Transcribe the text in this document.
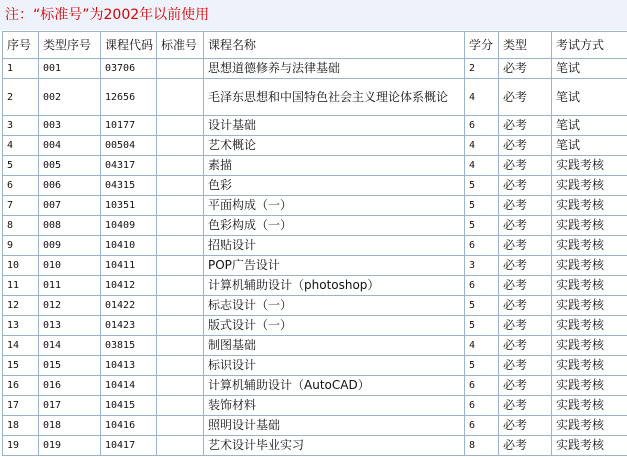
注：“标准号”为2002年以前使用
序号	类型序号	课程代码	标准号	课程名称	学分	类型	考试方式
1	001	03706		思想道德修养与法律基础	2	必考	笔试
2	002	12656		毛泽东思想和中国特色社会主义理论体系概论	4	必考	笔试
3	003	10177		设计基础	6	必考	笔试
4	004	00504		艺术概论	4	必考	笔试
5	005	04317		素描	4	必考	实践考核
6	006	04315		色彩	5	必考	实践考核
7	007	10351		平面构成（一）	5	必考	实践考核
8	008	10409		色彩构成（一）	5	必考	实践考核
9	009	10410		招贴设计	6	必考	实践考核
10	010	10411		POP广告设计	3	必考	实践考核
11	011	10412		计算机辅助设计（photoshop）	6	必考	实践考核
12	012	01422		标志设计（一）	5	必考	实践考核
13	013	01423		版式设计（一）	5	必考	实践考核
14	014	03815		制图基础	4	必考	实践考核
15	015	10413		标识设计	5	必考	实践考核
16	016	10414		计算机辅助设计（AutoCAD）	6	必考	实践考核
17	017	10415		装饰材料	6	必考	实践考核
18	018	10416		照明设计基础	6	必考	实践考核
19	019	10417		艺术设计毕业实习	8	必考	实践考核
